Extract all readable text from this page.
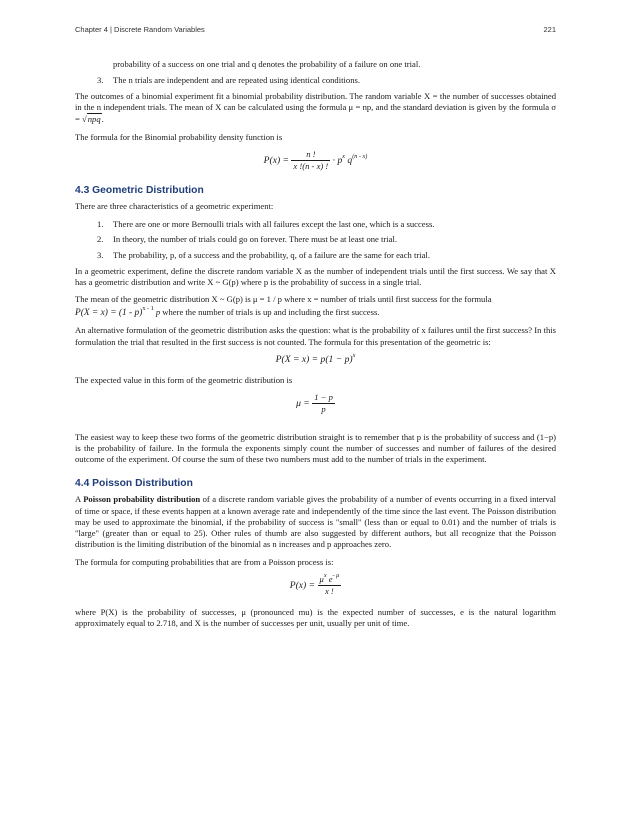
Chapter 4 | Discrete Random Variables	221
probability of a success on one trial and q denotes the probability of a failure on one trial.
3. The n trials are independent and are repeated using identical conditions.

The outcomes of a binomial experiment fit a binomial probability distribution. The random variable X = the number of successes obtained in the n independent trials. The mean of X can be calculated using the formula μ = np, and the standard deviation is given by the formula σ = √npq.

The formula for the Binomial probability density function is

$P(x) = \frac{n !}{x !(n - x) !} \cdot p^x$ $q^{(n - x)}$
4.3 Geometric Distribution

There are three characteristics of a geometric experiment:

1. There are one or more Bernoulli trials with all failures except the last one, which is a success.
2. In theory, the number of trials could go on forever. There must be at least one trial.
3. The probability, p, of a success and the probability, q, of a failure are the same for each trial.

In a geometric experiment, define the discrete random variable X as the number of independent trials until the first success. We say that X has a geometric distribution and write X ~ G(p) where p is the probability of success in a single trial.

The mean of the geometric distribution X ~ G(p) is μ = 1 / p where x = number of trials until first success for the formula

P(X = x) = (1 - p)$^{x - 1}$ p where the number of trials is up and including the first success.

An alternative formulation of the geometric distribution asks the question: what is the probability of x failures until the first success? In this formulation the trial that resulted in the first success is not counted. The formula for this presentation of the geometric is:

$P(X = x) = p(1 - p)^x$

The expected value in this form of the geometric distribution is

$\mu = \frac{1 - p}{p}$

The easiest way to keep these two forms of the geometric distribution straight is to remember that p is the probability of success and (1−p) is the probability of failure. In the formula the exponents simply count the number of successes and number of failures of the desired outcome of the experiment. Of course the sum of these two numbers must add to the number of trials in the experiment.

4.4 Poisson Distribution

A Poisson probability distribution of a discrete random variable gives the probability of a number of events occurring in a fixed interval of time or space, if these events happen at a known average rate and independently of the time since the last event. The Poisson distribution may be used to approximate the binomial, if the probability of success is "small" (less than or equal to 0.01) and the number of trials is "large" (greater than or equal to 25). Other rules of thumb are also suggested by different authors, but all recognize that the Poisson distribution is the limiting distribution of the binomial as n increases and p approaches zero.

The formula for computing probabilities that are from a Poisson process is:

$P(x) = \frac{\mu^x e^{- \mu}}{x !}$

where P(X) is the probability of successes, μ (pronounced mu) is the expected number of successes, e is the natural logarithm approximately equal to 2.718, and X is the number of successes per unit, usually per unit of time.
